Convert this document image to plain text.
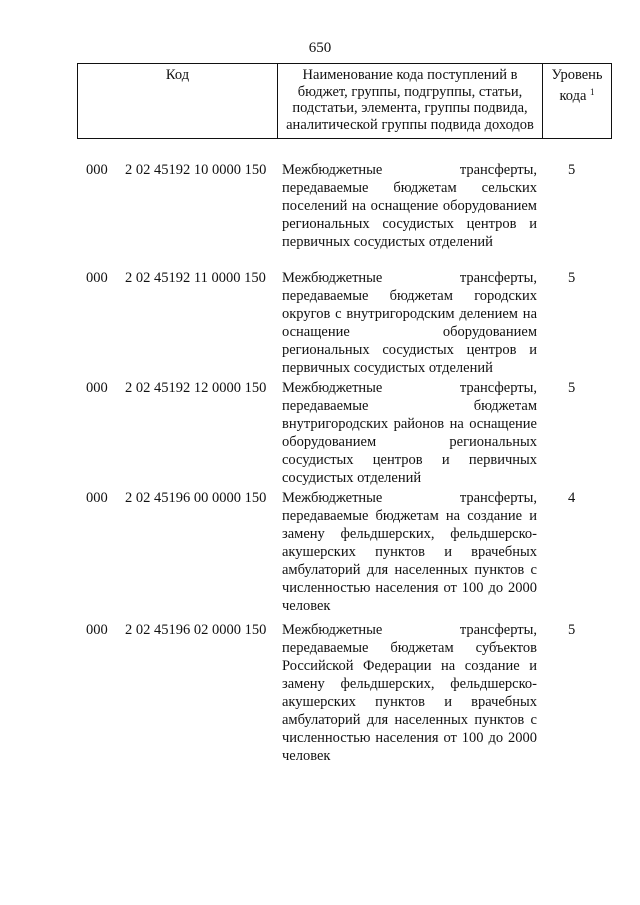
650
Код	Наименование кода поступлений в
бюджет, группы, подгруппы, статьи,
подстатьи, элемента, группы подвида,
аналитической группы подвида доходов
Уровень
кода $^1$
000 2 02 45192 10 0000 150 Межбюджетные трансферты, передаваемые бюджетам сельских поселений на оснащение оборудованием региональных сосудистых центров и первичных сосудистых отделений
5
000 2 02 45192 11 0000 150 Межбюджетные трансферты, передаваемые бюджетам городских округов с внутригородским делением на оснащение оборудованием региональных сосудистых центров и первичных сосудистых отделений
5
000 2 02 45192 12 0000 150 Межбюджетные трансферты, передаваемые бюджетам внутригородских районов на оснащение оборудованием региональных сосудистых центров и первичных сосудистых отделений
5
000 2 02 45196 00 0000 150 Межбюджетные трансферты, передаваемые бюджетам на создание и замену фельдшерских, фельдшерско-акушерских пунктов и врачебных амбулаторий для населенных пунктов с численностью населения от 100 до 2000 человек
4
000 2 02 45196 02 0000 150 Межбюджетные трансферты, передаваемые бюджетам субъектов Российской Федерации на создание и замену фельдшерских, фельдшерско-акушерских пунктов и врачебных амбулаторий для населенных пунктов с численностью населения от 100 до 2000 человек
5
